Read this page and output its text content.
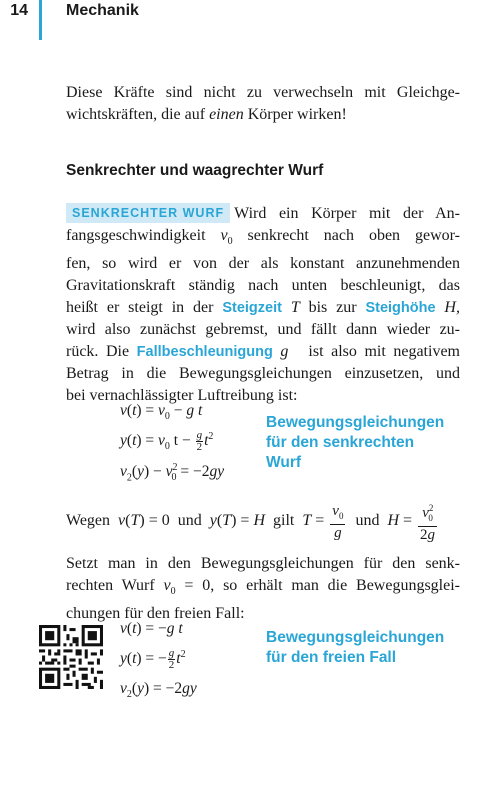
14 Mechanik
Diese Kräfte sind nicht zu verwechseln mit Gleichge-
wichtskräften, die auf einen Körper wirken!
Senkrechter und waagrechter Wurf
SENKRECHTER WURF Wird ein Körper mit der An-
fangsgeschwindigkeit $v_0$ senkrecht nach oben gewor-
fen, so wird er von der als konstant anzunehmenden
Gravitationskraft ständig nach unten beschleunigt, das
heißt er steigt in der Steigzeit T bis zur Steighöhe H,
wird also zunächst gebremst, und fällt dann wieder zu-
rück. Die Fallbeschleunigung g⃗ ist also mit negativem
Betrag in die Bewegungsgleichungen einzusetzen, und
bei vernachlässigter Luftreibung ist:
$v(t) = v_0 - g$ t
$y(t) = v_0$ $t - \frac{g}{2} t^2$
$v_2(y) - v^2_0 = -2gy$
Bewegungsgleichungen
für den senkrechten
Wurf
Wegen v(T) = 0  und y(T) = H gilt $T = \frac{v_0}{g}$ und $H = \frac{v^2_0}{2g}$
Setzt man in den Bewegungsgleichungen für den senk-
rechten Wurf $v_0 = 0$, so erhält man die Bewegungsglei-
chungen für den freien Fall:
v(t) = −g t
y(t) = − $\frac{g}{2} t^2$
$v_2(y) = -2gy$
Bewegungsgleichungen
für den freien Fall
